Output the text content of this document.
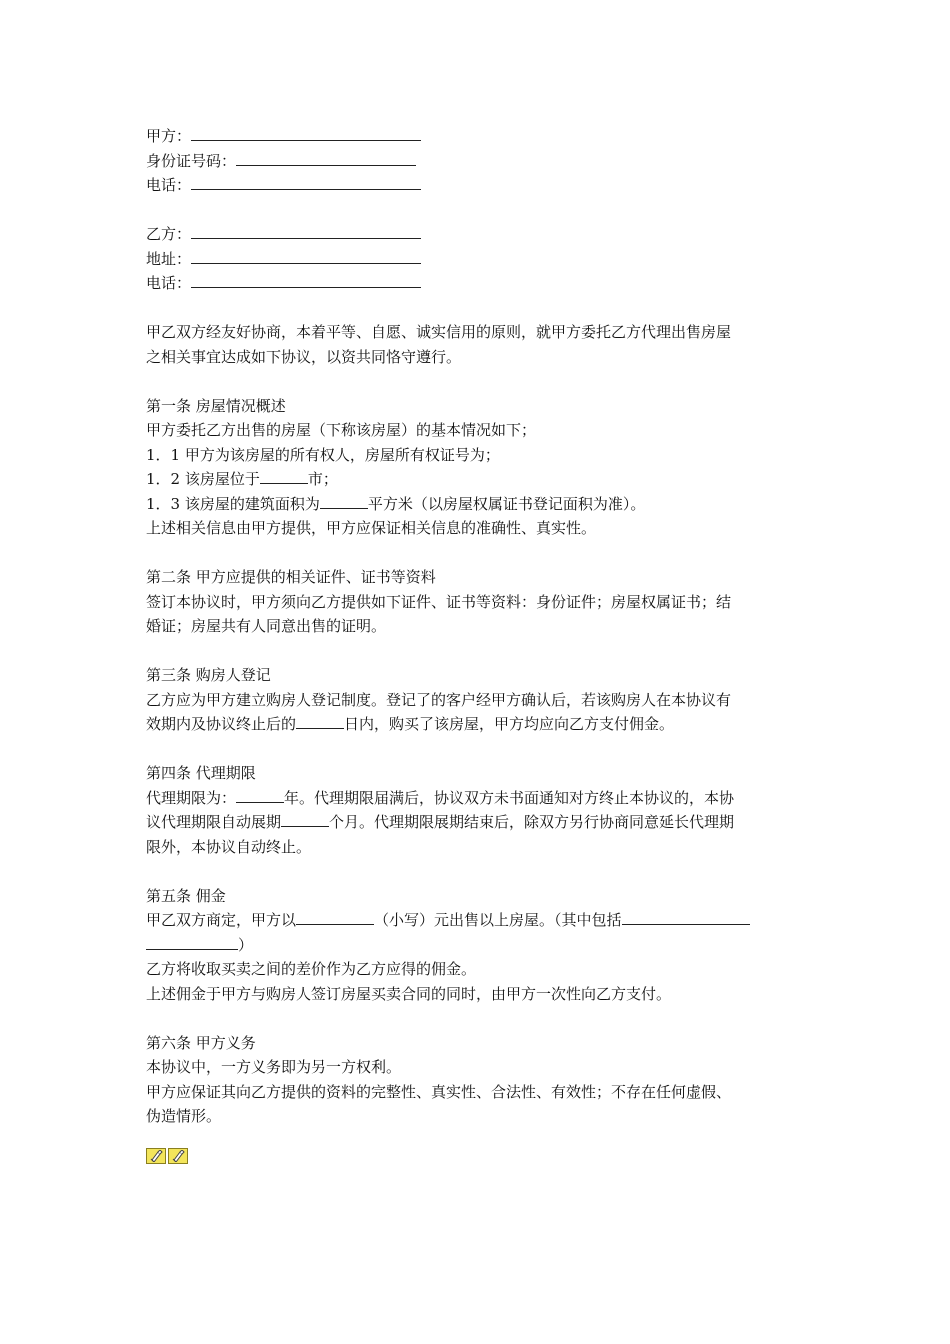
甲方：
身份证号码：
电话：
乙方：
地址：
电话：
甲乙双方经友好协商，本着平等、自愿、诚实信用的原则，就甲方委托乙方代理出售房屋
之相关事宜达成如下协议，以资共同恪守遵行。
第一条 房屋情况概述
甲方委托乙方出售的房屋（下称该房屋）的基本情况如下；
1．1 甲方为该房屋的所有权人，房屋所有权证号为；
1．2 该房屋位于	市；
1．3 该房屋的建筑面积为	平方米（以房屋权属证书登记面积为准）。
上述相关信息由甲方提供，甲方应保证相关信息的准确性、真实性。
第二条 甲方应提供的相关证件、证书等资料
签订本协议时，甲方须向乙方提供如下证件、证书等资料：身份证件；房屋权属证书；结
婚证；房屋共有人同意出售的证明。
第三条 购房人登记
乙方应为甲方建立购房人登记制度。登记了的客户经甲方确认后，若该购房人在本协议有
效期内及协议终止后的	日内，购买了该房屋，甲方均应向乙方支付佣金。
第四条 代理期限
代理期限为：	年。代理期限届满后，协议双方未书面通知对方终止本协议的，本协
议代理期限自动展期	个月。代理期限展期结束后，除双方另行协商同意延长代理期
限外，本协议自动终止。
第五条 佣金
甲乙双方商定，甲方以	（小写）元出售以上房屋。（其中包括
）
乙方将收取买卖之间的差价作为乙方应得的佣金。
上述佣金于甲方与购房人签订房屋买卖合同的同时，由甲方一次性向乙方支付。
第六条 甲方义务
本协议中，一方义务即为另一方权利。
甲方应保证其向乙方提供的资料的完整性、真实性、合法性、有效性；不存在任何虚假、
伪造情形。
